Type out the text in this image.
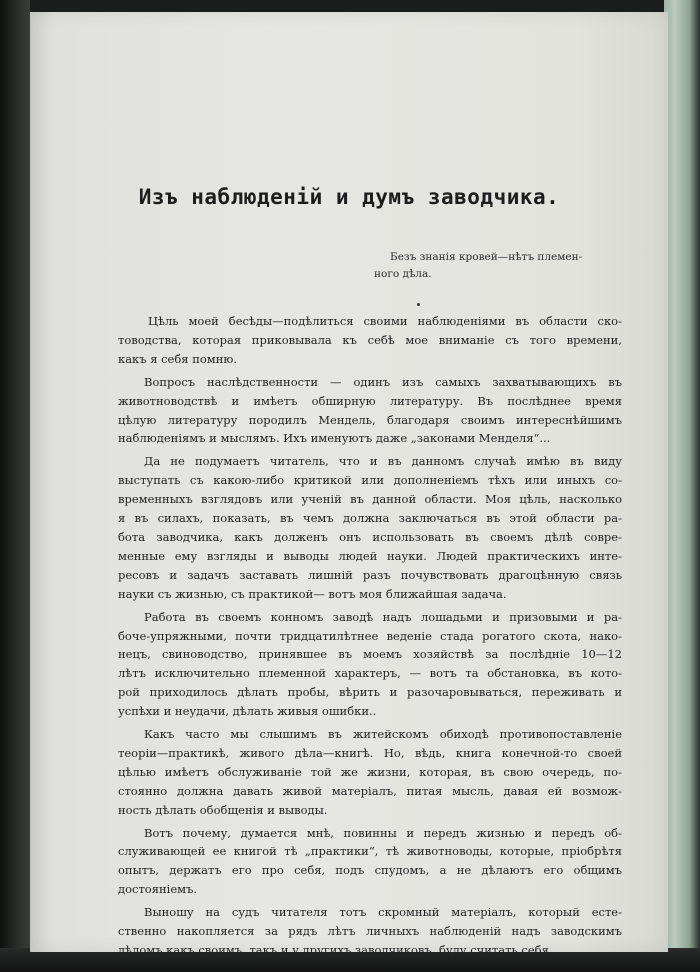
Изъ наблюденій и думъ заводчика.
Безъ знанія кровей—нѣтъ племен-
ного дѣла.
Цѣль моей бесѣды—подѣлиться своими наблюденіями въ области ско-
товодства, которая приковывала къ себѣ мое вниманіе съ того времени,
какъ я себя помню.
Вопросъ наслѣдственности — одинъ изъ самыхъ захватывающихъ въ
животноводствѣ и имѣетъ обширную литературу. Въ послѣднее время
цѣлую литературу породилъ Мендель, благодаря своимъ интереснѣйшимъ
наблюденіямъ и мыслямъ. Ихъ именуютъ даже „законами Менделя“...
Да не подумаетъ читатель, что и въ данномъ случаѣ имѣю въ виду
выступать съ какою-либо критикой или дополненіемъ тѣхъ или иныхъ со-
временныхъ взглядовъ или ученій въ данной области. Моя цѣль, насколько
я въ силахъ, показать, въ чемъ должна заключаться въ этой области ра-
бота заводчика, какъ долженъ онъ использовать въ своемъ дѣлѣ совре-
менные ему взгляды и выводы людей науки. Людей практическихъ инте-
ресовъ и задачъ заставать лишній разъ почувствовать драгоцѣнную связь
науки съ жизнью, съ практикой— вотъ моя ближайшая задача.
Работа въ своемъ конномъ заводѣ надъ лошадьми и призовыми и ра-
боче-упряжными, почти тридцатилѣтнее веденіе стада рогатого скота, нако-
нецъ, свиноводство, принявшее въ моемъ хозяйствѣ за послѣдніе 10—12
лѣтъ исключительно племенной характеръ, — вотъ та обстановка, въ кото-
рой приходилось дѣлать пробы, вѣрить и разочаровываться, переживать и
успѣхи и неудачи, дѣлать живыя ошибки..
Какъ часто мы слышимъ въ житейскомъ обиходѣ противопоставленіе
теоріи—практикѣ, живого дѣла—книгѣ. Но, вѣдь, книга конечной-то своей
цѣлью имѣетъ обслуживаніе той же жизни, которая, въ свою очередь, по-
стоянно должна давать живой матеріалъ, питая мысль, давая ей возмож-
ность дѣлать обобщенія и выводы.
Вотъ почему, думается мнѣ, повинны и передъ жизнью и передъ об-
служивающей ее книгой тѣ „практики“, тѣ животноводы, которые, пріобрѣтя
опытъ, держатъ его про себя, подъ спудомъ, а не дѣлаютъ его общимъ
достояніемъ.
Выношу на судъ читателя тотъ скромный матеріалъ, который есте-
ственно накопляется за рядъ лѣтъ личныхъ наблюденій надъ заводскимъ
дѣломъ какъ своимъ, такъ и у другихъ заводчиковъ, буду считать себя
